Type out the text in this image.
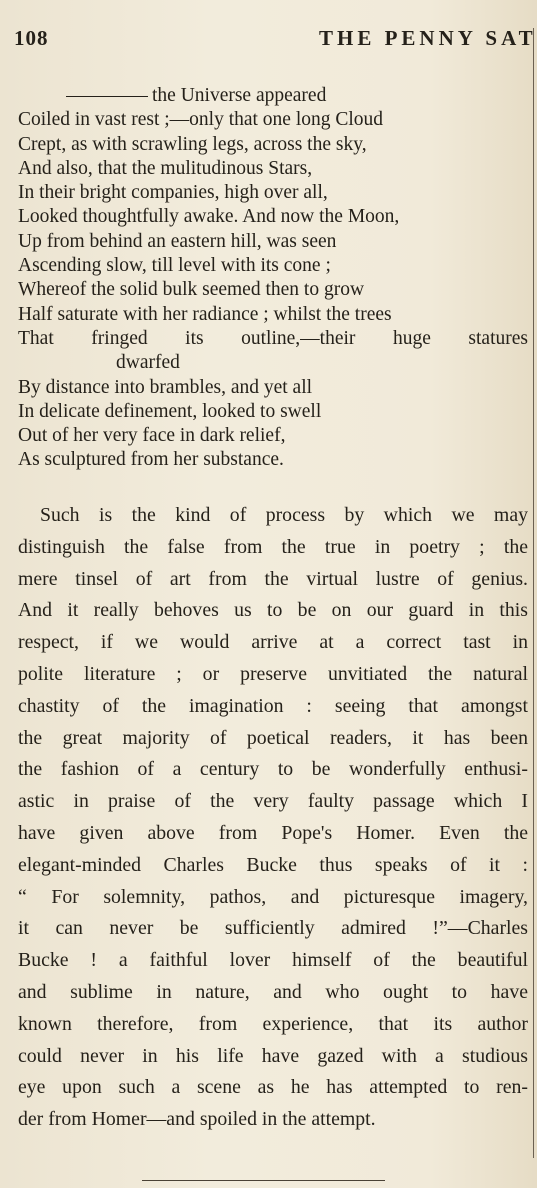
108	THE PENNY SAT
the Universe appeared
Coiled in vast rest ;—only that one long Cloud
Crept, as with scrawling legs, across the sky,
And also, that the mulitudinous Stars,
In their bright companies, high over all,
Looked thoughtfully awake. And now the Moon,
Up from behind an eastern hill, was seen
Ascending slow, till level with its cone ;
Whereof the solid bulk seemed then to grow
Half saturate with her radiance ; whilst the trees
That fringed its outline,—their huge statures
dwarfed
By distance into brambles, and yet all
In delicate definement, looked to swell
Out of her very face in dark relief,
As sculptured from her substance.
Such is the kind of process by which we may
distinguish the false from the true in poetry ; the
mere tinsel of art from the virtual lustre of genius.
And it really behoves us to be on our guard in this
respect, if we would arrive at a correct tast in
polite literature ; or preserve unvitiated the natural
chastity of the imagination : seeing that amongst
the great majority of poetical readers, it has been
the fashion of a century to be wonderfully enthusi-
astic in praise of the very faulty passage which I
have given above from Pope's Homer. Even the
elegant-minded Charles Bucke thus speaks of it :
“ For solemnity, pathos, and picturesque imagery,
it can never be sufficiently admired !”—Charles
Bucke ! a faithful lover himself of the beautiful
and sublime in nature, and who ought to have
known therefore, from experience, that its author
could never in his life have gazed with a studious
eye upon such a scene as he has attempted to ren-
der from Homer—and spoiled in the attempt.
